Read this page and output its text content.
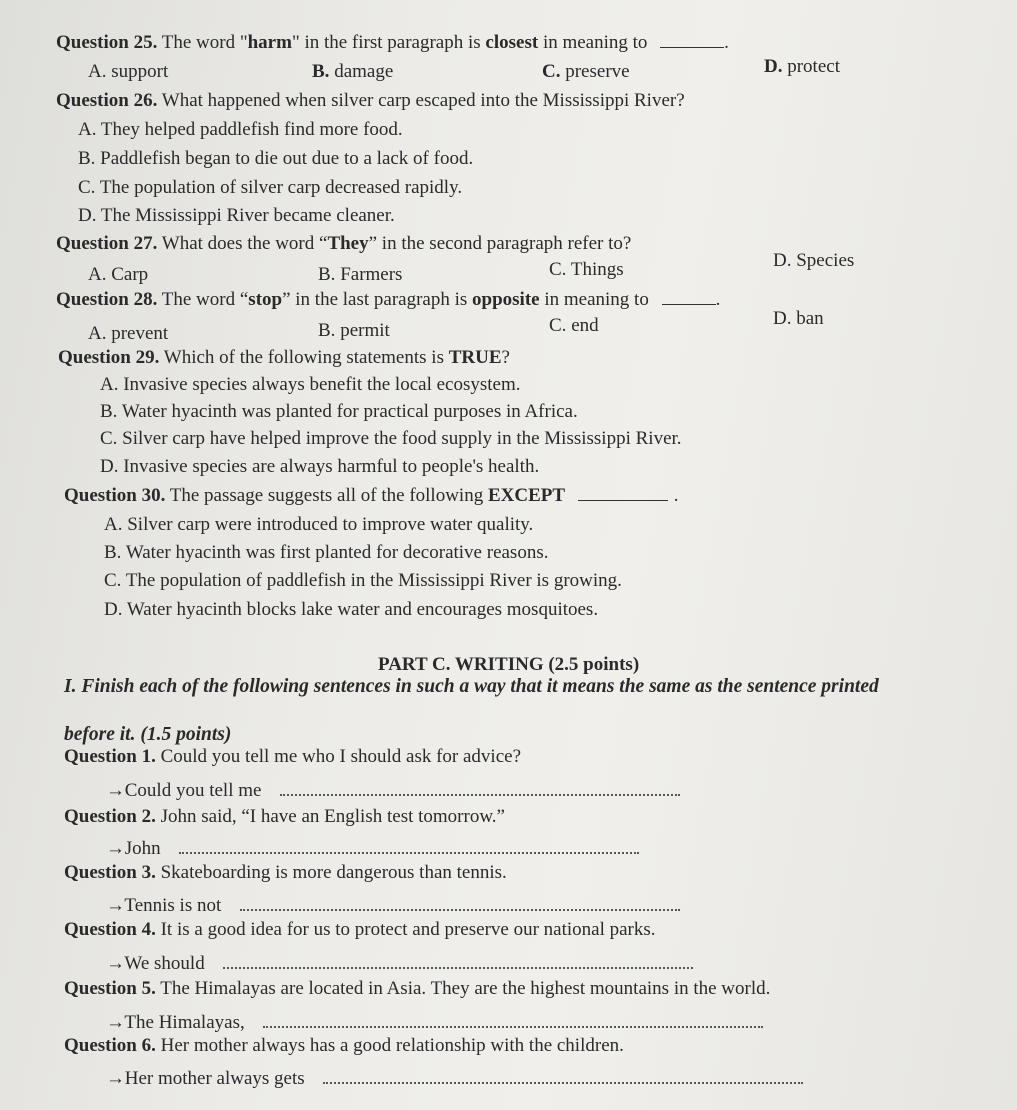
Question 25. The word "harm" in the first paragraph is closest in meaning to	.
A. support	B. damage	C. preserve	D. protect
Question 26. What happened when silver carp escaped into the Mississippi River?
A. They helped paddlefish find more food.
B. Paddlefish began to die out due to a lack of food.
C. The population of silver carp decreased rapidly.
D. The Mississippi River became cleaner.
Question 27. What does the word “They” in the second paragraph refer to?
A. Carp	B. Farmers	C. Things	D. Species
Question 28. The word “stop” in the last paragraph is opposite in meaning to	.
A. prevent	B. permit	C. end	D. ban
Question 29. Which of the following statements is TRUE?
A. Invasive species always benefit the local ecosystem.
B. Water hyacinth was planted for practical purposes in Africa.
C. Silver carp have helped improve the food supply in the Mississippi River.
D. Invasive species are always harmful to people's health.
Question 30. The passage suggests all of the following EXCEPT	.
A. Silver carp were introduced to improve water quality.
B. Water hyacinth was first planted for decorative reasons.
C. The population of paddlefish in the Mississippi River is growing.
D. Water hyacinth blocks lake water and encourages mosquitoes.
PART C. WRITING (2.5 points)
I. Finish each of the following sentences in such a way that it means the same as the sentence printed
before it. (1.5 points)
Question 1. Could you tell me who I should ask for advice?
→ Could you tell me
Question 2. John said, “I have an English test tomorrow.”
→ John
Question 3. Skateboarding is more dangerous than tennis.
→ Tennis is not
Question 4. It is a good idea for us to protect and preserve our national parks.
→ We should
Question 5. The Himalayas are located in Asia. They are the highest mountains in the world.
→ The Himalayas,
Question 6. Her mother always has a good relationship with the children.
→ Her mother always gets
